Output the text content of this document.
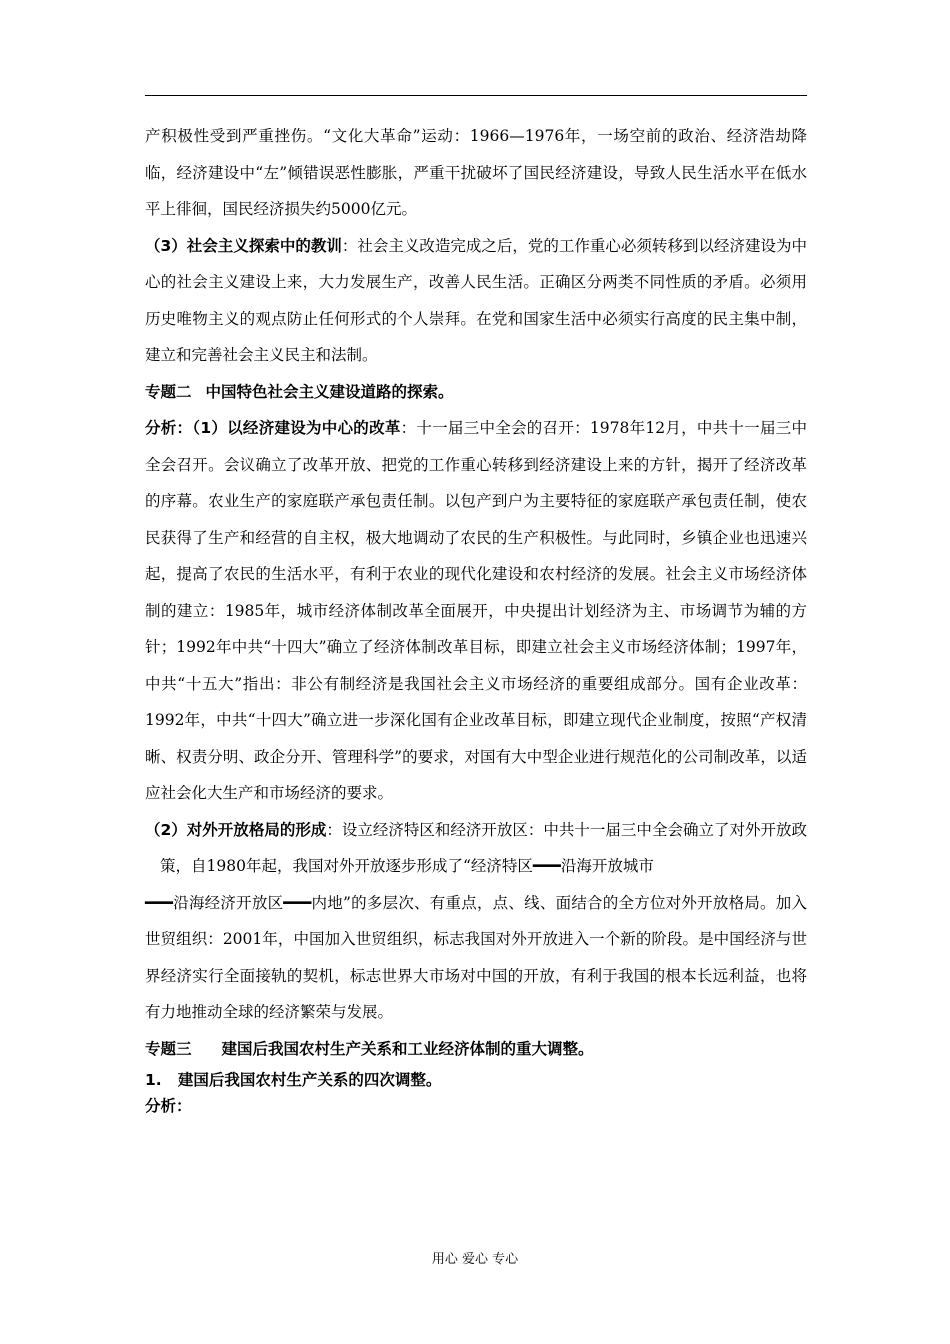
产积极性受到严重挫伤。“文化大革命”运动：1966—1976年，一场空前的政治、经济浩劫降临，经济建设中“左”倾错误恶性膨胀，严重干扰破坏了国民经济建设，导致人民生活水平在低水平上徘徊，国民经济损失约5000亿元。

（3）社会主义探索中的教训：社会主义改造完成之后，党的工作重心必须转移到以经济建设为中心的社会主义建设上来，大力发展生产，改善人民生活。正确区分两类不同性质的矛盾。必须用历史唯物主义的观点防止任何形式的个人崇拜。在党和国家生活中必须实行高度的民主集中制，建立和完善社会主义民主和法制。

专题二 中国特色社会主义建设道路的探索。

分析：（1）以经济建设为中心的改革：十一届三中全会的召开：1978年12月，中共十一届三中全会召开。会议确立了改革开放、把党的工作重心转移到经济建设上来的方针，揭开了经济改革的序幕。农业生产的家庭联产承包责任制。以包产到户为主要特征的家庭联产承包责任制，使农民获得了生产和经营的自主权，极大地调动了农民的生产积极性。与此同时，乡镇企业也迅速兴起，提高了农民的生活水平，有利于农业的现代化建设和农村经济的发展。社会主义市场经济体制的建立：1985年，城市经济体制改革全面展开，中央提出计划经济为主、市场调节为辅的方针；1992年中共“十四大”确立了经济体制改革目标，即建立社会主义市场经济体制；1997年，中共“十五大”指出：非公有制经济是我国社会主义市场经济的重要组成部分。国有企业改革：1992年，中共“十四大”确立进一步深化国有企业改革目标，即建立现代企业制度，按照“产权清晰、权责分明、政企分开、管理科学”的要求，对国有大中型企业进行规范化的公司制改革，以适应社会化大生产和市场经济的要求。

（2）对外开放格局的形成：设立经济特区和经济开放区：中共十一届三中全会确立了对外开放政策，自1980年起，我国对外开放逐步形成了“经济特区━━━沿海开放城市
━━━沿海经济开放区━━━内地”的多层次、有重点，点、线、面结合的全方位对外开放格局。加入世贸组织：2001年，中国加入世贸组织，标志我国对外开放进入一个新的阶段。是中国经济与世界经济实行全面接轨的契机，标志世界大市场对中国的开放，有利于我国的根本长远利益，也将有力地推动全球的经济繁荣与发展。

专题三 建国后我国农村生产关系和工业经济体制的重大调整。

1.   建国后我国农村生产关系的四次调整。

分析：

用心 爱心 专心
